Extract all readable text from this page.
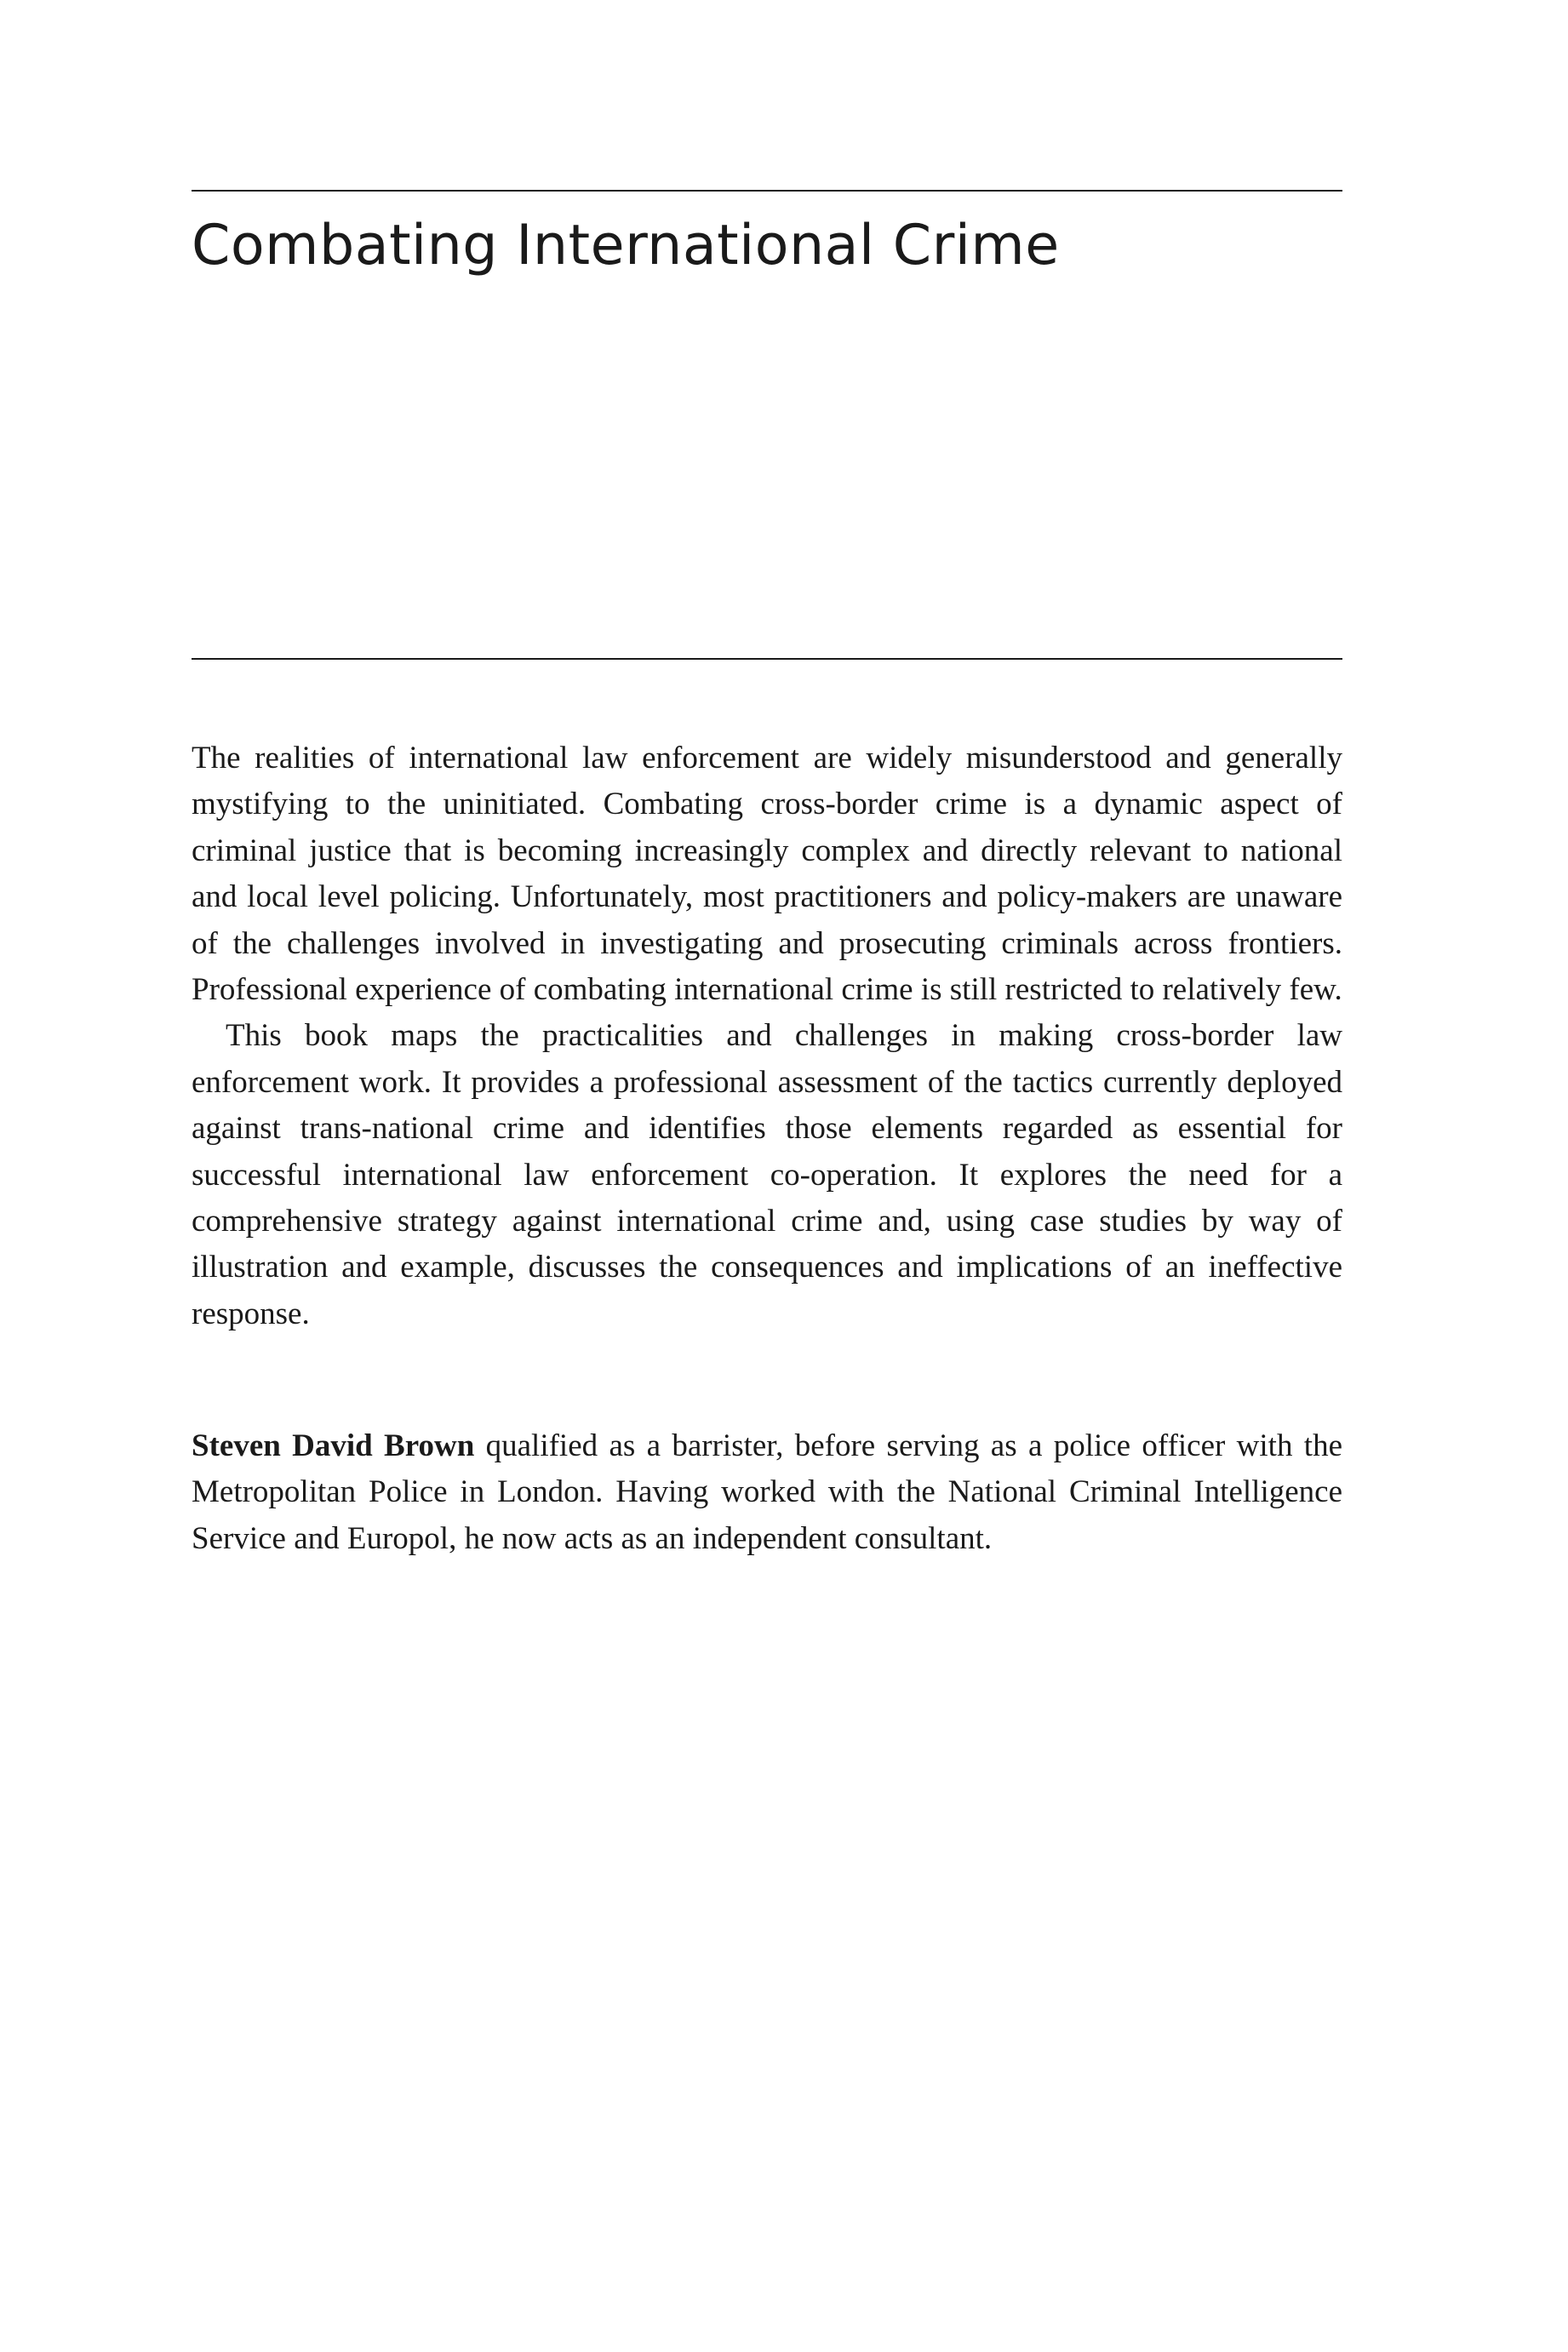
Combating International Crime

The realities of international law enforcement are widely misunderstood and generally mystifying to the uninitiated. Combating cross-border crime is a dynamic aspect of criminal justice that is becoming increasingly complex and directly relevant to national and local level policing. Unfortunately, most practitioners and policy-makers are unaware of the challenges involved in investigating and prosecuting criminals across frontiers. Professional experience of combating international crime is still restricted to relatively few.

This book maps the practicalities and challenges in making cross-border law enforcement work. It provides a professional assessment of the tactics currently deployed against trans-national crime and identifies those elements regarded as essential for successful international law enforcement co-operation. It explores the need for a comprehensive strategy against international crime and, using case studies by way of illustration and example, discusses the consequences and implications of an ineffective response.

Steven David Brown qualified as a barrister, before serving as a police officer with the Metropolitan Police in London. Having worked with the National Criminal Intelligence Service and Europol, he now acts as an independent consultant.
